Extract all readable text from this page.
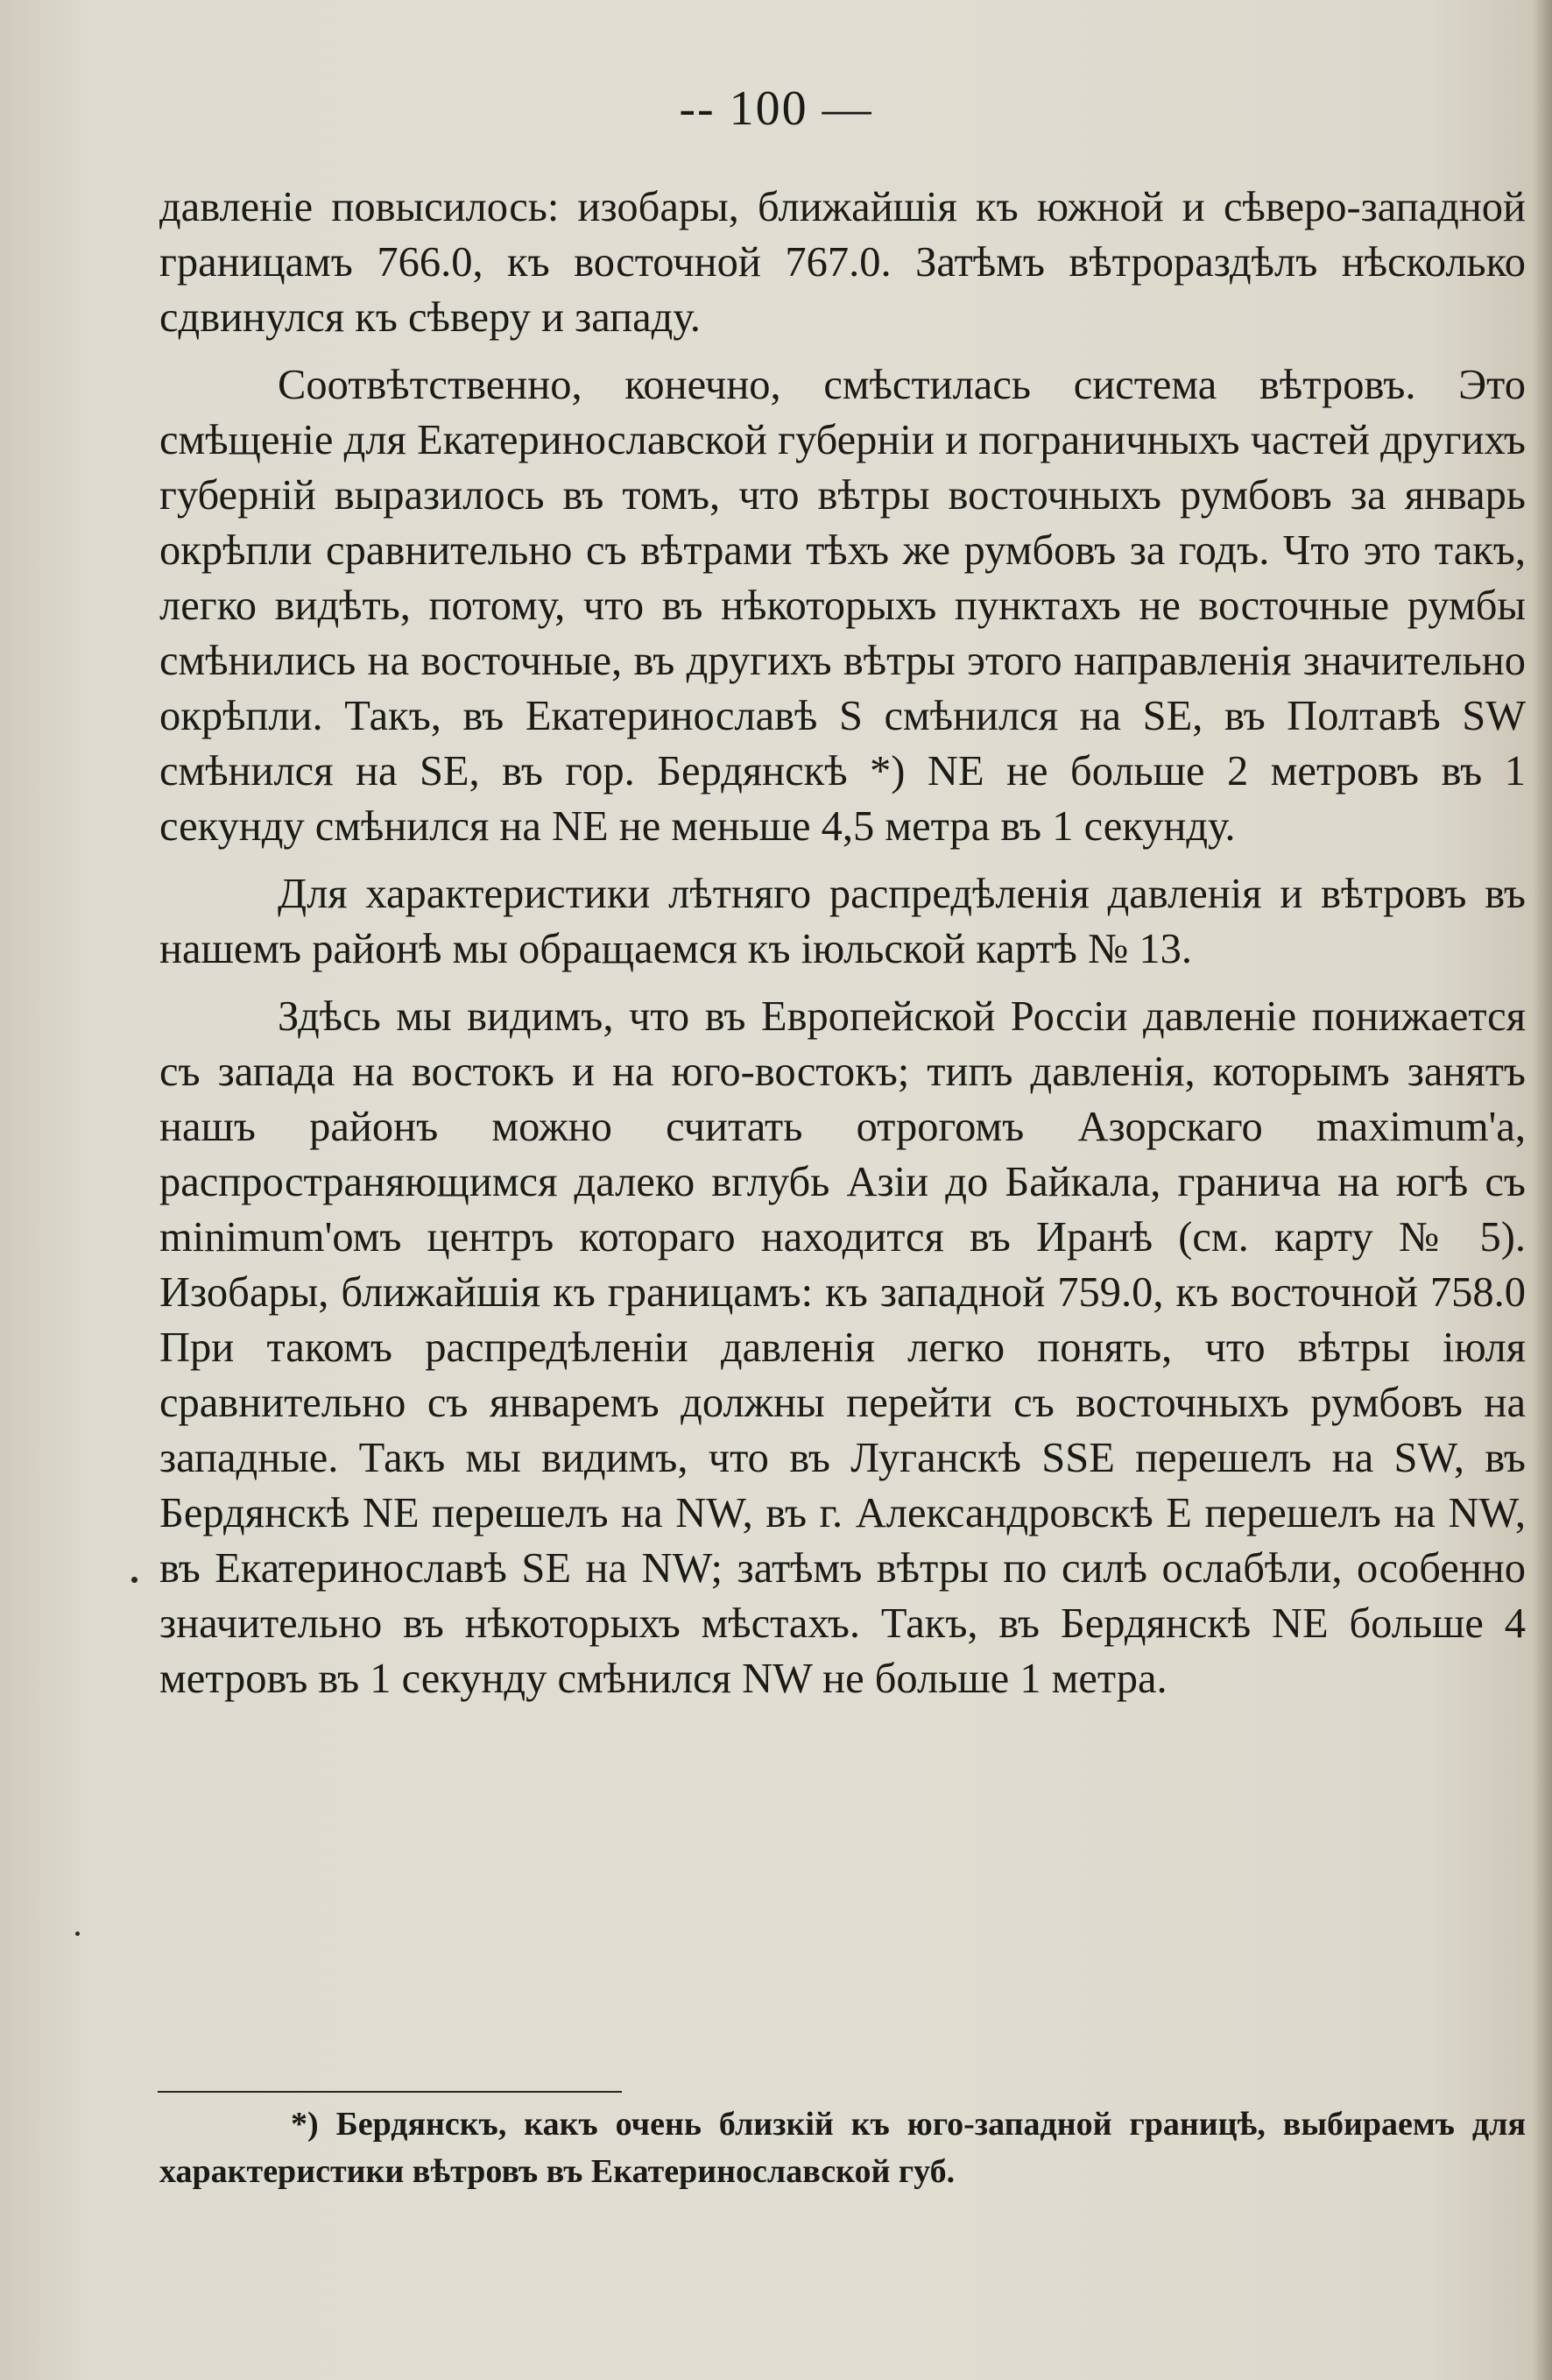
-- 100 —

давленіе повысилось: изобары, ближайшія къ южной и сѣверо-западной границамъ 766.0, къ восточной 767.0. Затѣмъ вѣтрораздѣлъ нѣсколько сдвинулся къ сѣверу и западу.

Соотвѣтственно, конечно, смѣстилась система вѣтровъ. Это смѣщеніе для Екатеринославской губерніи и пограничныхъ частей другихъ губерній выразилось въ томъ, что вѣтры восточныхъ румбовъ за январь окрѣпли сравнительно съ вѣтрами тѣхъ же румбовъ за годъ. Что это такъ, легко видѣть, потому, что въ нѣкоторыхъ пунктахъ не восточные румбы смѣнились на восточные, въ другихъ вѣтры этого направленія значительно окрѣпли. Такъ, въ Екатеринославѣ S смѣнился на SE, въ Полтавѣ SW смѣнился на SE, въ гор. Бердянскѣ *) NE не больше 2 метровъ въ 1 секунду смѣнился на NE не меньше 4,5 метра въ 1 секунду.

Для характеристики лѣтняго распредѣленія давленія и вѣтровъ въ нашемъ районѣ мы обращаемся къ іюльской картѣ № 13.

Здѣсь мы видимъ, что въ Европейской Россіи давленіе понижается съ запада на востокъ и на юго-востокъ; типъ давленія, которымъ занятъ нашъ районъ можно считать отрогомъ Азорскаго maximum'а, распространяющимся далеко вглубь Азіи до Байкала, гранича на югѣ съ minimum'омъ центръ котораго находится въ Иранѣ (см. карту № 5). Изобары, ближайшія къ границамъ: къ западной 759.0, къ восточной 758.0 При такомъ распредѣленіи давленія легко понять, что вѣтры іюля сравнительно съ январемъ должны перейти съ восточныхъ румбовъ на западные. Такъ мы видимъ, что въ Луганскѣ SSE перешелъ на SW, въ Бердянскѣ NE перешелъ на NW, въ г. Александровскѣ E перешелъ на NW, въ Екатеринославѣ SE на NW; затѣмъ вѣтры по силѣ ослабѣли, особенно значительно въ нѣкоторыхъ мѣстахъ. Такъ, въ Бердянскѣ NE больше 4 метровъ въ 1 секунду смѣнился NW не больше 1 метра.

*) Бердянскъ, какъ очень близкій къ юго-западной границѣ, выбираемъ для характеристики вѣтровъ въ Екатеринославской губ.
